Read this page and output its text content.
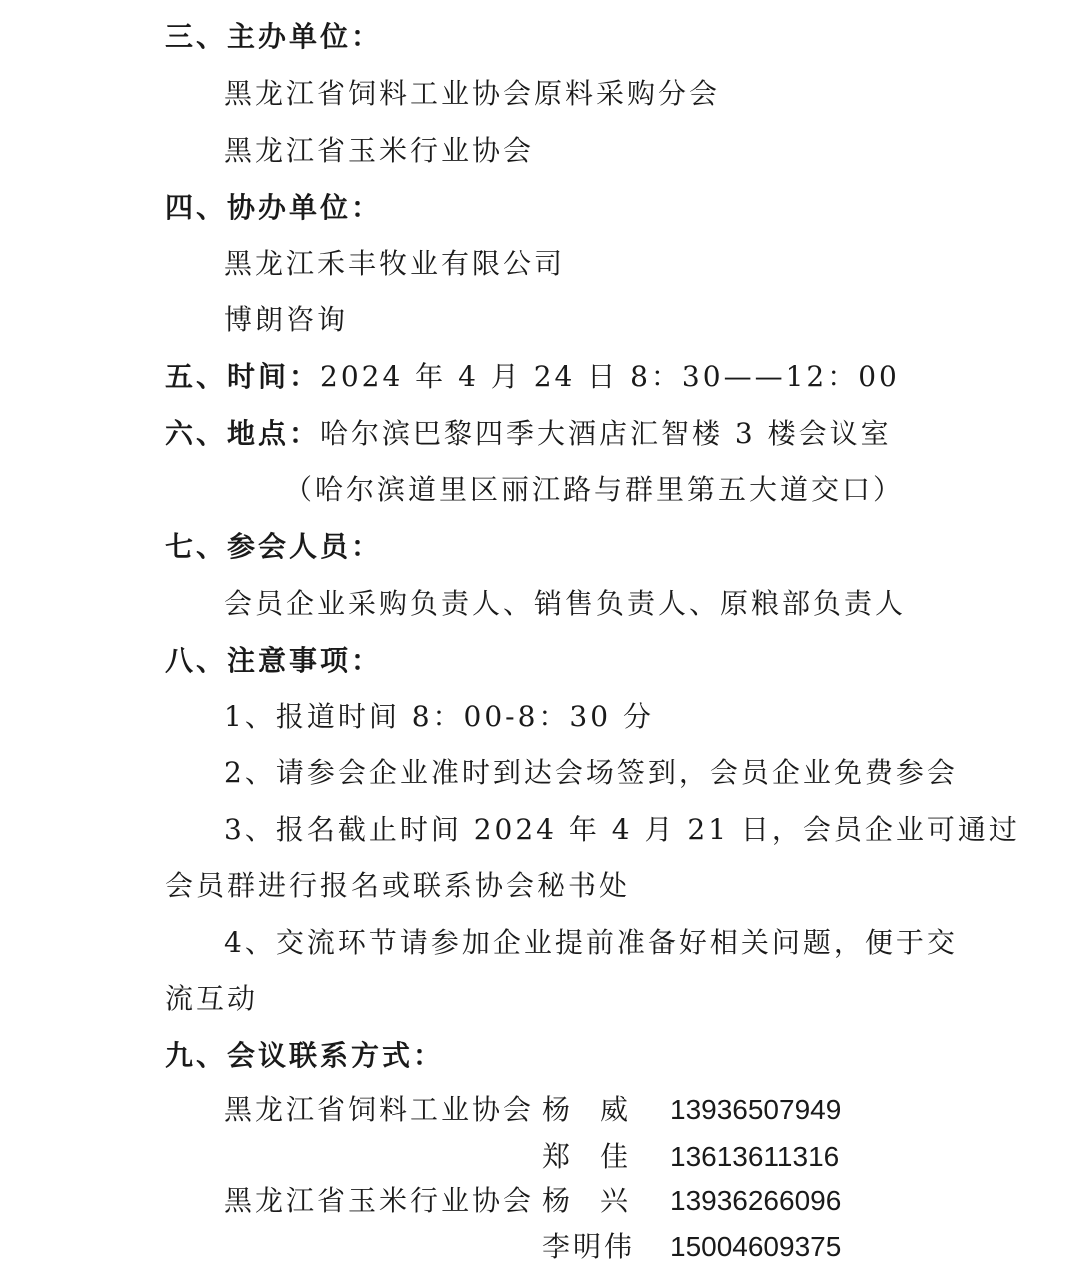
三、主办单位：
黑龙江省饲料工业协会原料采购分会
黑龙江省玉米行业协会
四、协办单位：
黑龙江禾丰牧业有限公司
博朗咨询
五、时间：2024 年 4 月 24 日 8：30——12：00
六、地点：哈尔滨巴黎四季大酒店汇智楼 3 楼会议室
（哈尔滨道里区丽江路与群里第五大道交口）
七、参会人员：
会员企业采购负责人、销售负责人、原粮部负责人
八、注意事项：
1、报道时间 8：00-8：30 分
2、请参会企业准时到达会场签到，会员企业免费参会
3、报名截止时间 2024 年 4 月 21 日，会员企业可通过
会员群进行报名或联系协会秘书处
4、交流环节请参加企业提前准备好相关问题，便于交
流互动
九、会议联系方式：
黑龙江省饲料工业协会 杨威 13936507949
郑佳 13613611316
黑龙江省玉米行业协会 杨兴 13936266096
李明伟 15004609375
